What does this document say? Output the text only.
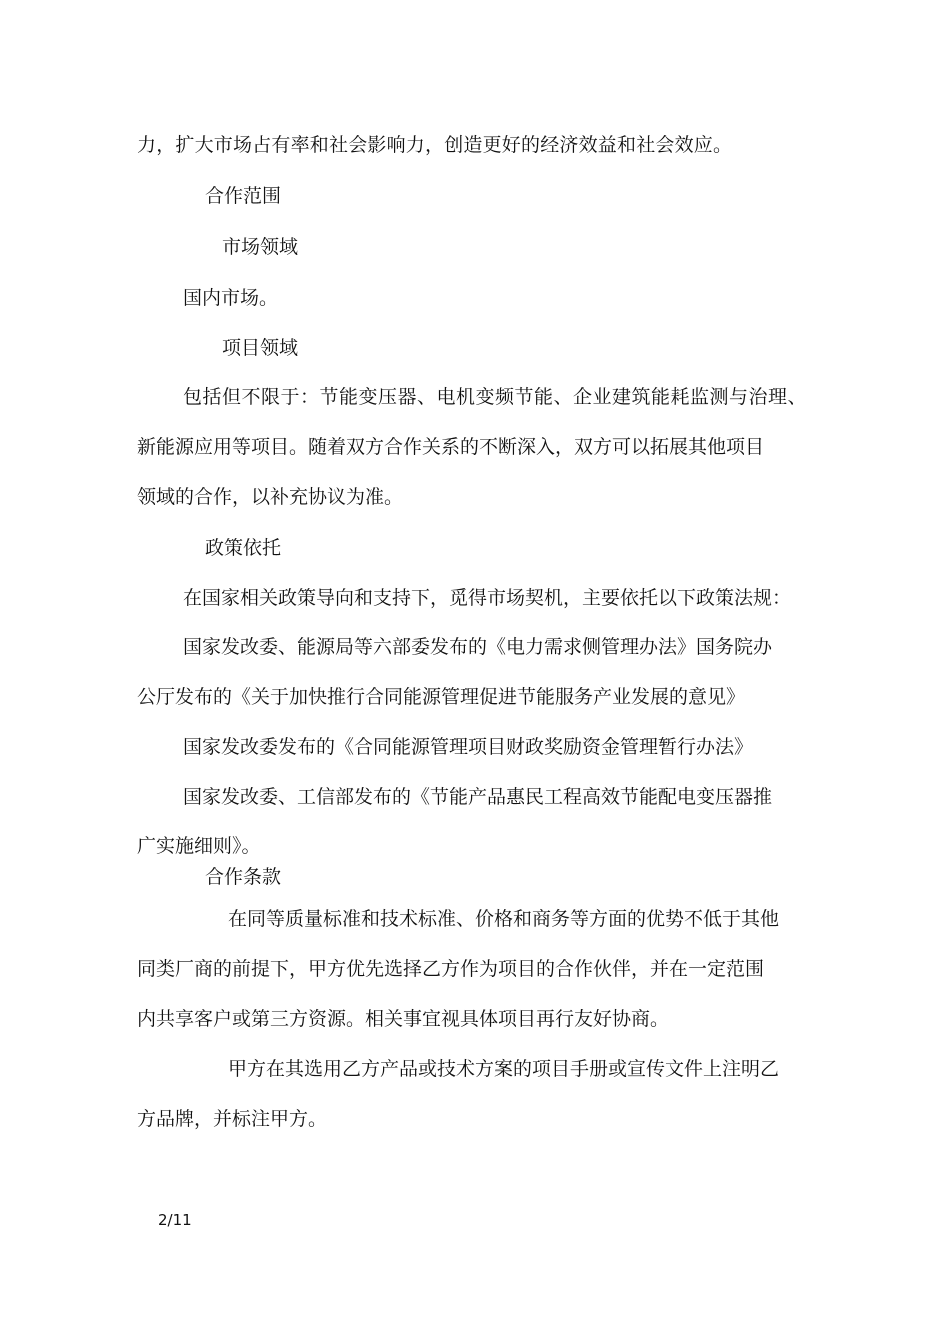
力，扩大市场占有率和社会影响力，创造更好的经济效益和社会效应。
合作范围
市场领域
国内市场。
项目领域
包括但不限于：节能变压器、电机变频节能、企业建筑能耗监测与治理、
新能源应用等项目。随着双方合作关系的不断深入，双方可以拓展其他项目
领域的合作，以补充协议为准。
政策依托
在国家相关政策导向和支持下，觅得市场契机，主要依托以下政策法规：
国家发改委、能源局等六部委发布的《电力需求侧管理办法》国务院办
公厅发布的《关于加快推行合同能源管理促进节能服务产业发展的意见》
国家发改委发布的《合同能源管理项目财政奖励资金管理暂行办法》
国家发改委、工信部发布的《节能产品惠民工程高效节能配电变压器推
广实施细则》。
合作条款
在同等质量标准和技术标准、价格和商务等方面的优势不低于其他
同类厂商的前提下，甲方优先选择乙方作为项目的合作伙伴，并在一定范围
内共享客户或第三方资源。相关事宜视具体项目再行友好协商。
甲方在其选用乙方产品或技术方案的项目手册或宣传文件上注明乙
方品牌，并标注甲方。
2/11
